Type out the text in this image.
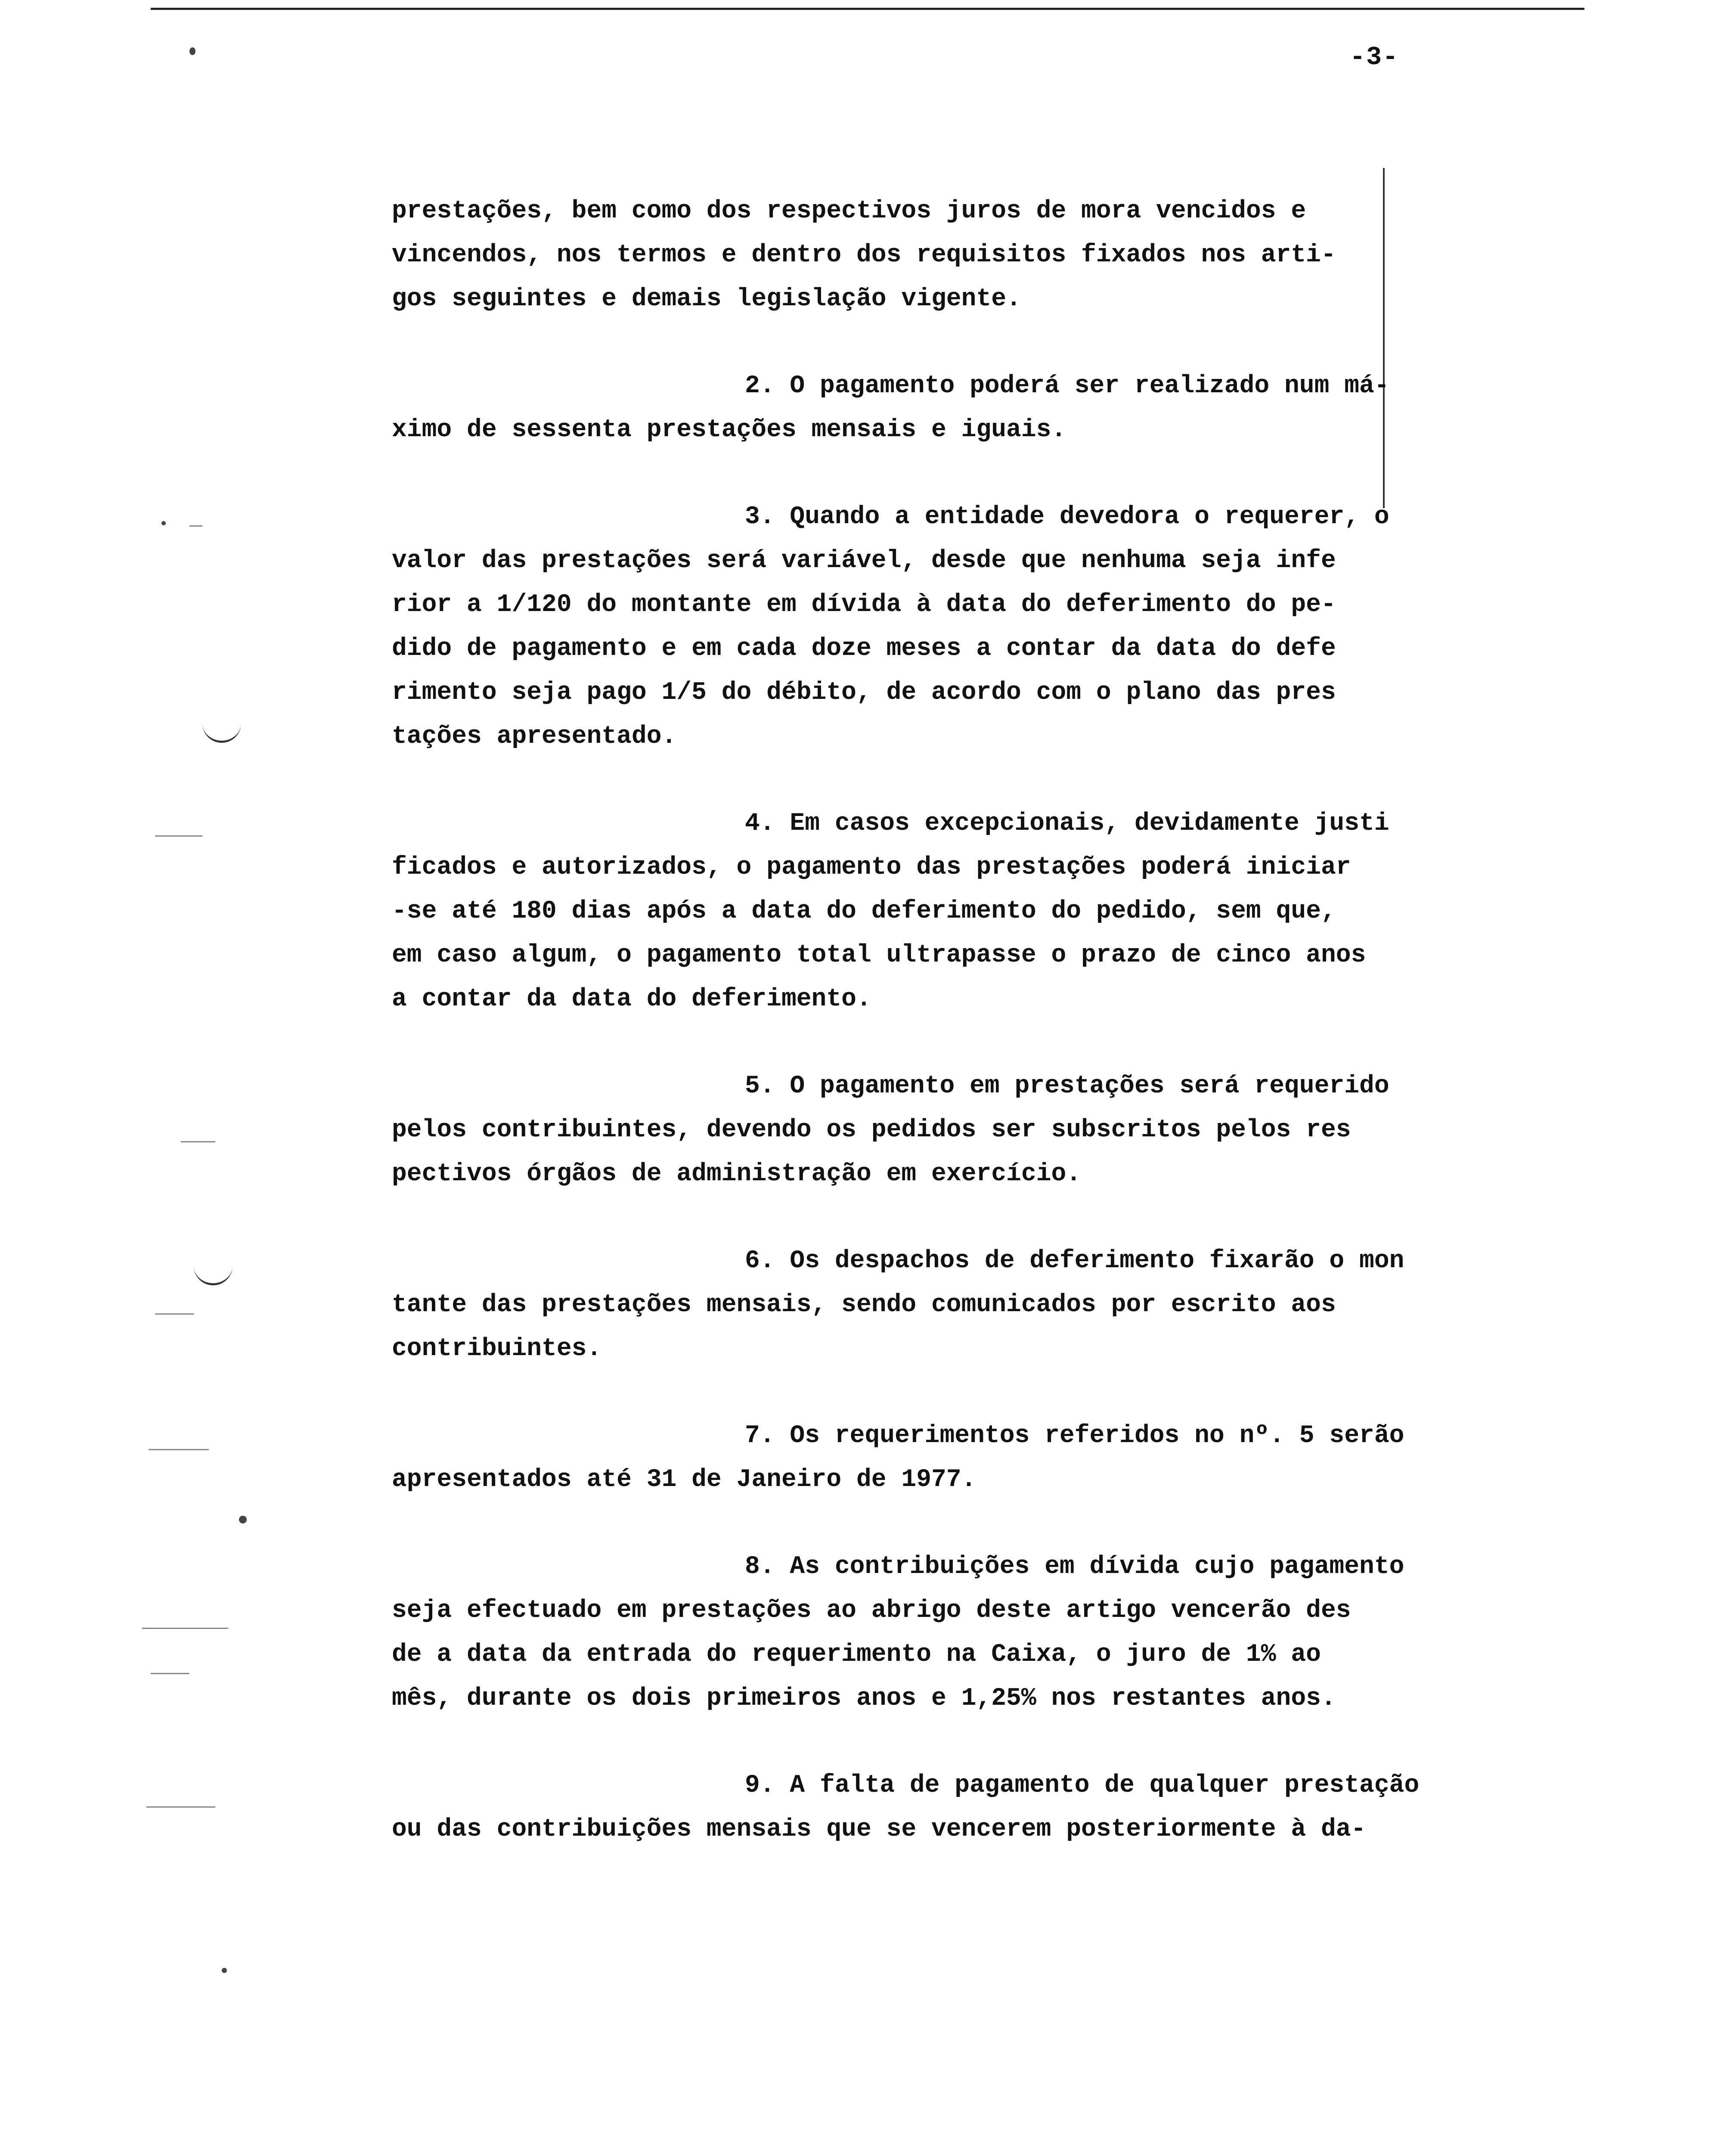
-3-
prestações, bem como dos respectivos juros de mora vencidos e
vincendos, nos termos e dentro dos requisitos fixados nos arti-
gos seguintes e demais legislação vigente.
2. O pagamento poderá ser realizado num má-
ximo de sessenta prestações mensais e iguais.
3. Quando a entidade devedora o requerer, o
valor das prestações será variável, desde que nenhuma seja infe
rior a 1/120 do montante em dívida à data do deferimento do pe-
dido de pagamento e em cada doze meses a contar da data do defe
rimento seja pago 1/5 do débito, de acordo com o plano das pres
tações apresentado.
4. Em casos excepcionais, devidamente justi
ficados e autorizados, o pagamento das prestações poderá iniciar
-se até 180 dias após a data do deferimento do pedido, sem que,
em caso algum, o pagamento total ultrapasse o prazo de cinco anos
a contar da data do deferimento.
5. O pagamento em prestações será requerido
pelos contribuintes, devendo os pedidos ser subscritos pelos res
pectivos órgãos de administração em exercício.
6. Os despachos de deferimento fixarão o mon
tante das prestações mensais, sendo comunicados por escrito aos
contribuintes.
7. Os requerimentos referidos no nº. 5 serão
apresentados até 31 de Janeiro de 1977.
8. As contribuições em dívida cujo pagamento
seja efectuado em prestações ao abrigo deste artigo vencerão des
de a data da entrada do requerimento na Caixa, o juro de 1% ao
mês, durante os dois primeiros anos e 1,25% nos restantes anos.
9. A falta de pagamento de qualquer prestação
ou das contribuições mensais que se vencerem posteriormente à da-
